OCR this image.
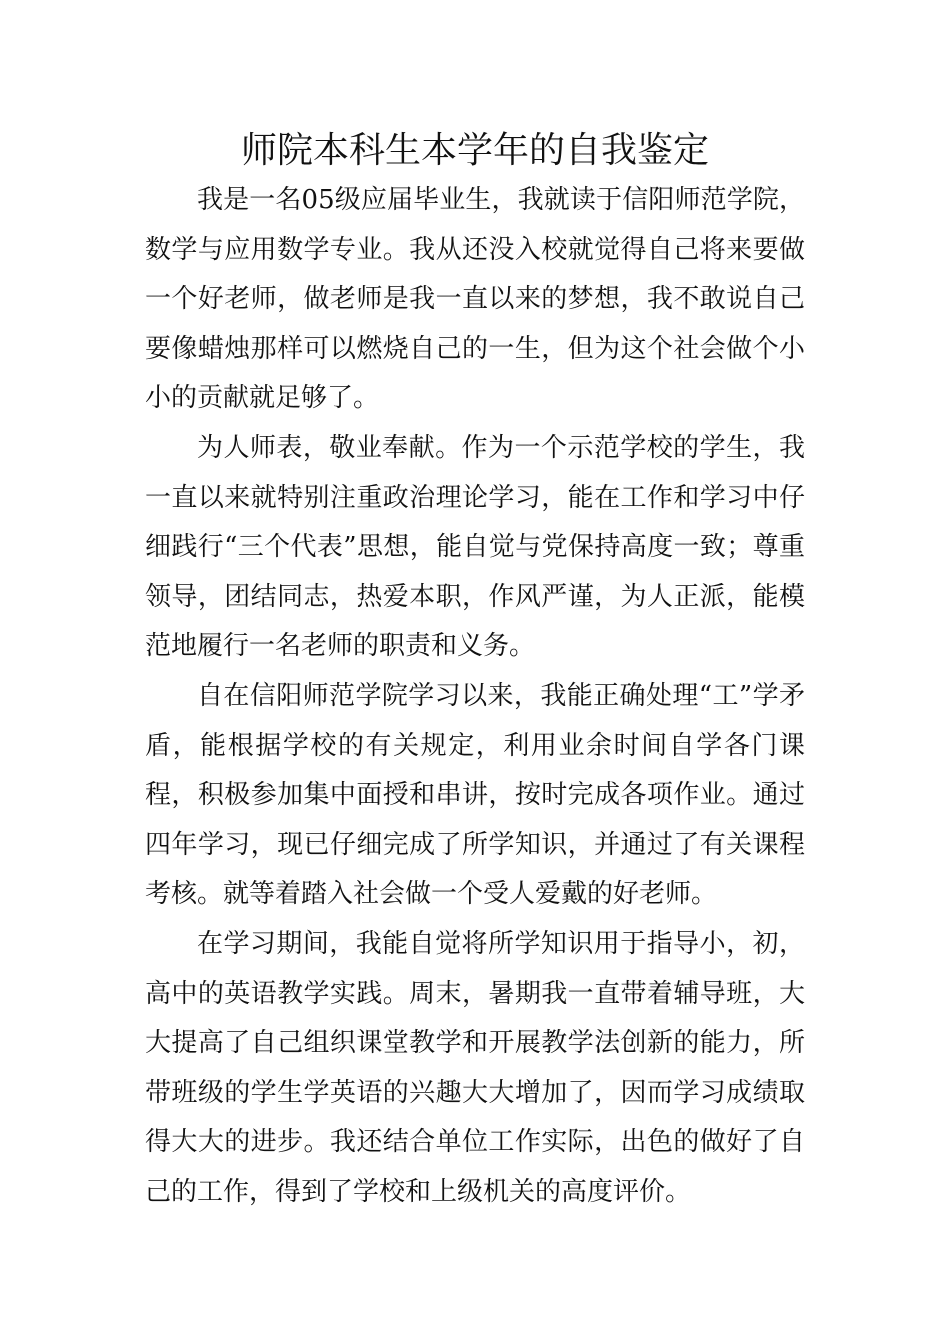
师院本科生本学年的自我鉴定

我是一名05级应届毕业生，我就读于信阳师范学院，数学与应用数学专业。我从还没入校就觉得自己将来要做一个好老师，做老师是我一直以来的梦想，我不敢说自己要像蜡烛那样可以燃烧自己的一生，但为这个社会做个小小的贡献就足够了。

为人师表，敬业奉献。作为一个示范学校的学生，我一直以来就特别注重政治理论学习，能在工作和学习中仔细践行“三个代表”思想，能自觉与党保持高度一致；尊重领导，团结同志，热爱本职，作风严谨，为人正派，能模范地履行一名老师的职责和义务。

自在信阳师范学院学习以来，我能正确处理“工”学矛盾，能根据学校的有关规定，利用业余时间自学各门课程，积极参加集中面授和串讲，按时完成各项作业。通过四年学习，现已仔细完成了所学知识，并通过了有关课程考核。就等着踏入社会做一个受人爱戴的好老师。

在学习期间，我能自觉将所学知识用于指导小，初，高中的英语教学实践。周末，暑期我一直带着辅导班，大大提高了自己组织课堂教学和开展教学法创新的能力，所带班级的学生学英语的兴趣大大增加了，因而学习成绩取得大大的进步。我还结合单位工作实际，出色的做好了自己的工作，得到了学校和上级机关的高度评价。
